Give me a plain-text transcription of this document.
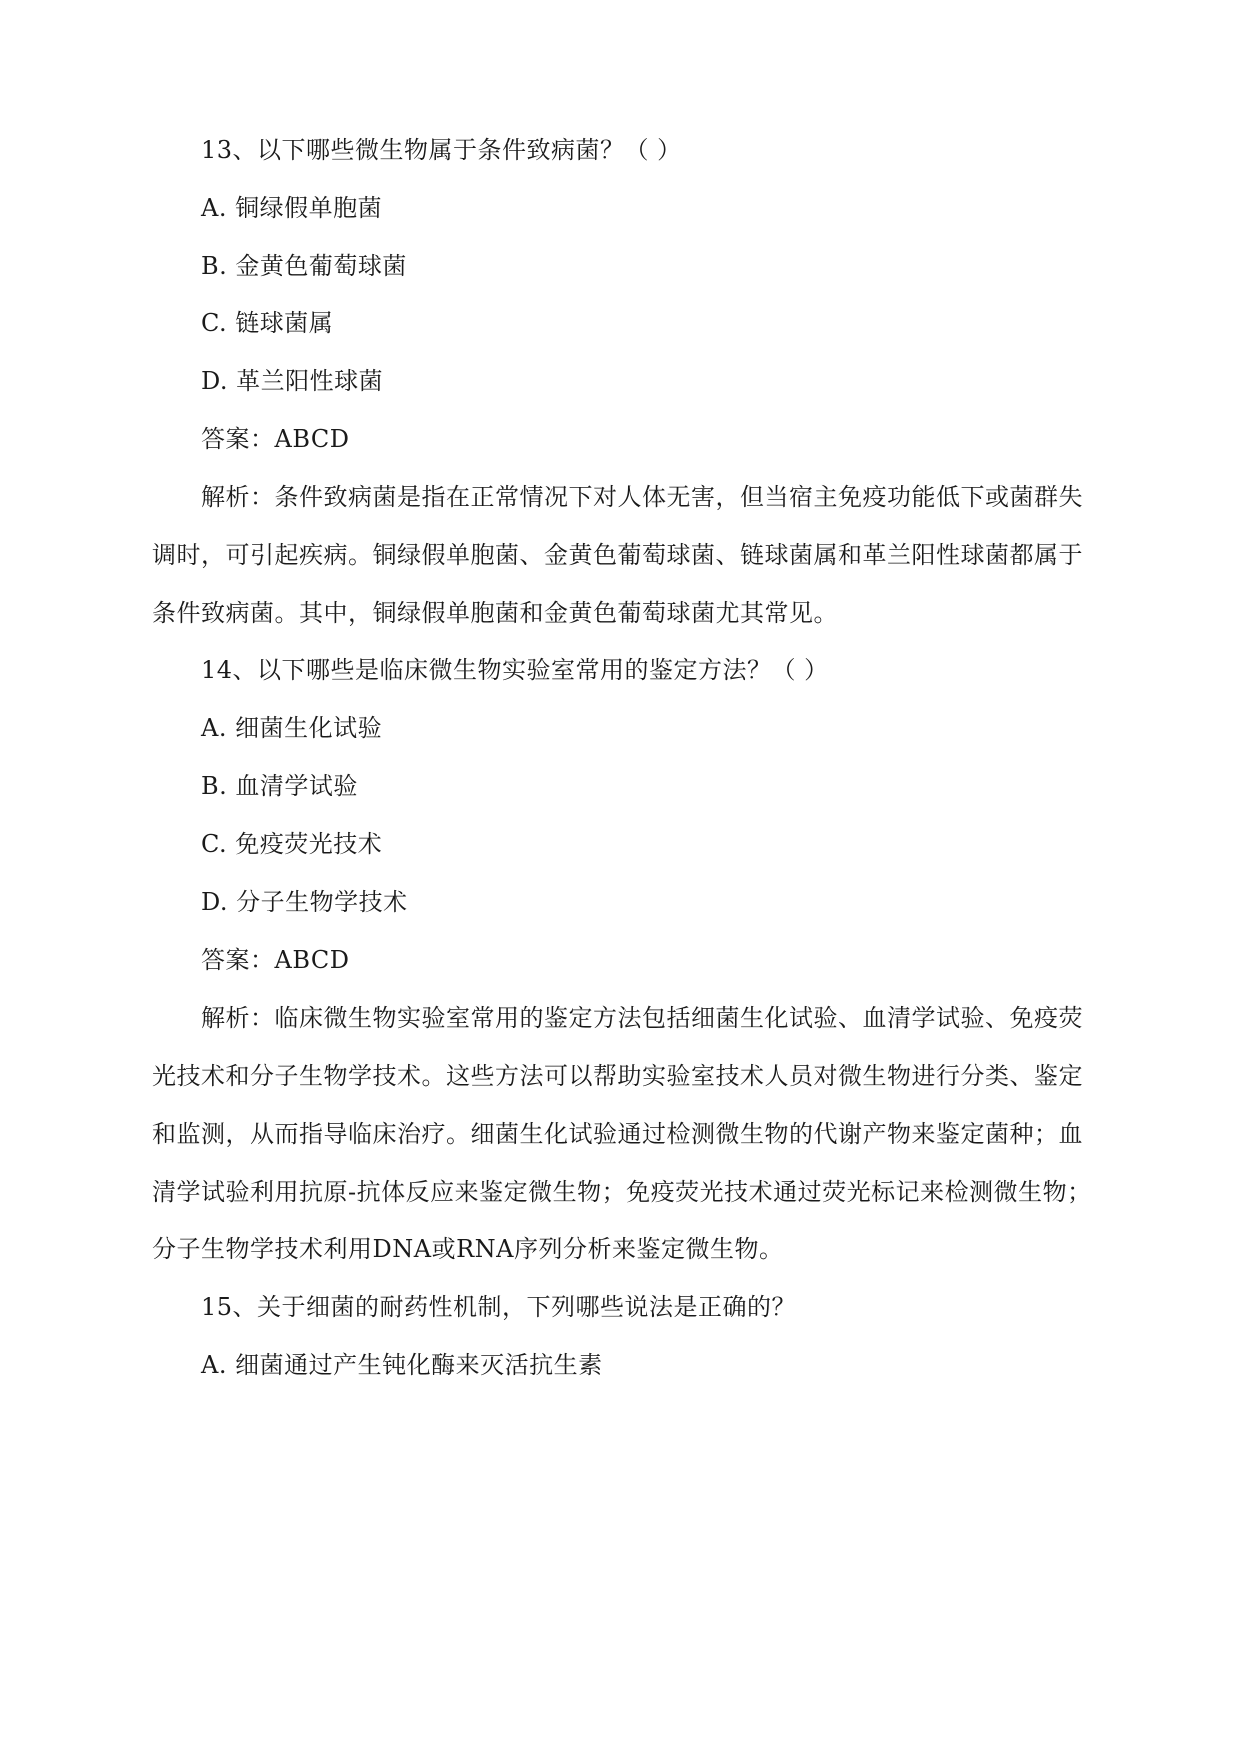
13、以下哪些微生物属于条件致病菌？（ ）
A. 铜绿假单胞菌
B. 金黄色葡萄球菌
C. 链球菌属
D. 革兰阳性球菌
答案：ABCD
解析：条件致病菌是指在正常情况下对人体无害，但当宿主免疫功能低下或菌群失
调时，可引起疾病。铜绿假单胞菌、金黄色葡萄球菌、链球菌属和革兰阳性球菌都属于
条件致病菌。其中，铜绿假单胞菌和金黄色葡萄球菌尤其常见。
14、以下哪些是临床微生物实验室常用的鉴定方法？（ ）
A. 细菌生化试验
B. 血清学试验
C. 免疫荧光技术
D. 分子生物学技术
答案：ABCD
解析：临床微生物实验室常用的鉴定方法包括细菌生化试验、血清学试验、免疫荧
光技术和分子生物学技术。这些方法可以帮助实验室技术人员对微生物进行分类、鉴定
和监测，从而指导临床治疗。细菌生化试验通过检测微生物的代谢产物来鉴定菌种；血
清学试验利用抗原-抗体反应来鉴定微生物；免疫荧光技术通过荧光标记来检测微生物；
分子生物学技术利用DNA或RNA序列分析来鉴定微生物。
15、关于细菌的耐药性机制，下列哪些说法是正确的？
A. 细菌通过产生钝化酶来灭活抗生素
